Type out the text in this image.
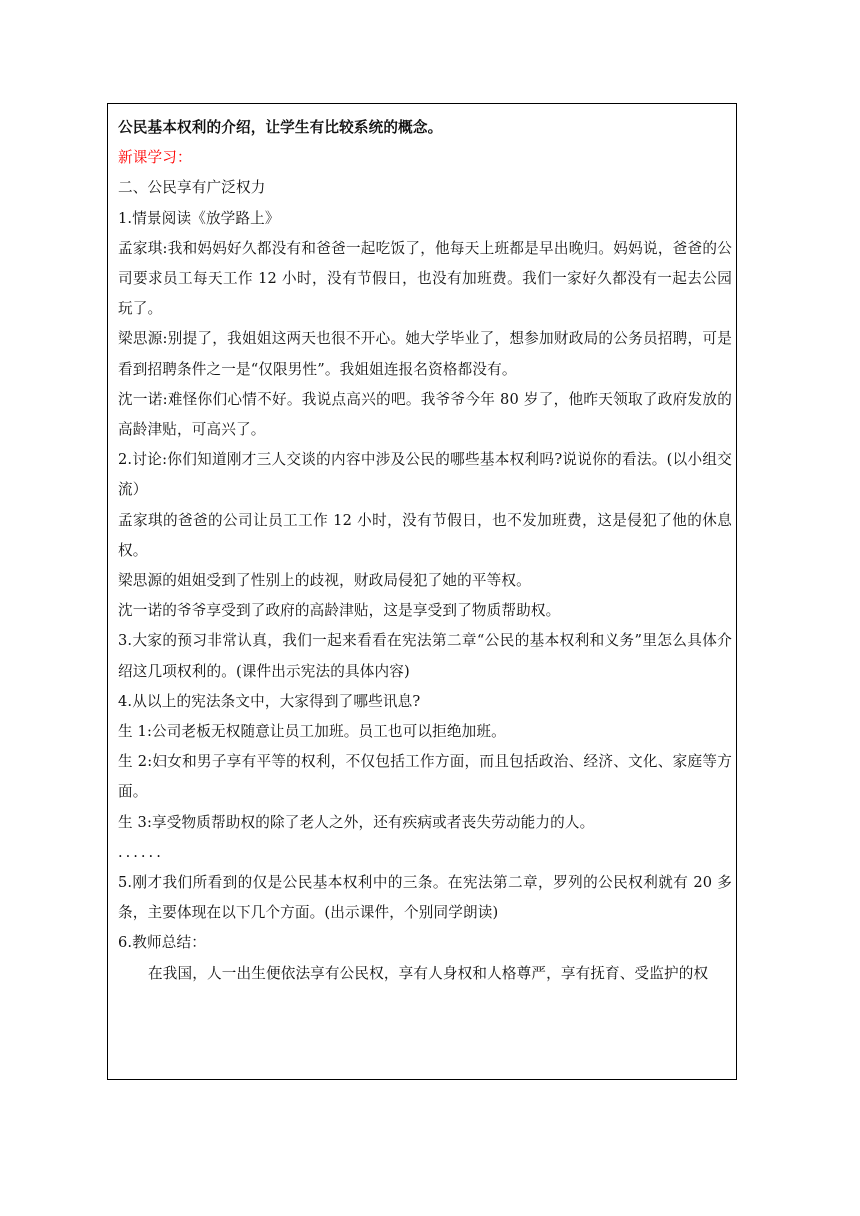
公民基本权利的介绍，让学生有比较系统的概念。

新课学习：

二、公民享有广泛权力

1.情景阅读《放学路上》

孟家琪:我和妈妈好久都没有和爸爸一起吃饭了，他每天上班都是早出晚归。妈妈说，爸爸的公司要求员工每天工作 12 小时，没有节假日，也没有加班费。我们一家好久都没有一起去公园玩了。

梁思源:别提了，我姐姐这两天也很不开心。她大学毕业了，想参加财政局的公务员招聘，可是看到招聘条件之一是“仅限男性”。我姐姐连报名资格都没有。

沈一诺:难怪你们心情不好。我说点高兴的吧。我爷爷今年 80 岁了，他昨天领取了政府发放的高龄津贴，可高兴了。

2.讨论:你们知道刚才三人交谈的内容中涉及公民的哪些基本权利吗?说说你的看法。(以小组交流）

孟家琪的爸爸的公司让员工工作 12 小时，没有节假日，也不发加班费，这是侵犯了他的休息权。

梁思源的姐姐受到了性别上的歧视，财政局侵犯了她的平等权。

沈一诺的爷爷享受到了政府的高龄津贴，这是享受到了物质帮助权。

3.大家的预习非常认真，我们一起来看看在宪法第二章“公民的基本权利和义务”里怎么具体介绍这几项权利的。(课件出示宪法的具体内容)

4.从以上的宪法条文中，大家得到了哪些讯息?

生 1:公司老板无权随意让员工加班。员工也可以拒绝加班。

生 2:妇女和男子享有平等的权利，不仅包括工作方面，而且包括政治、经济、文化、家庭等方面。

生 3:享受物质帮助权的除了老人之外，还有疾病或者丧失劳动能力的人。

......

5.刚才我们所看到的仅是公民基本权利中的三条。在宪法第二章，罗列的公民权利就有 20 多条，主要体现在以下几个方面。(出示课件，个别同学朗读)

6.教师总结：

在我国，人一出生便依法享有公民权，享有人身权和人格尊严，享有抚育、受监护的权
